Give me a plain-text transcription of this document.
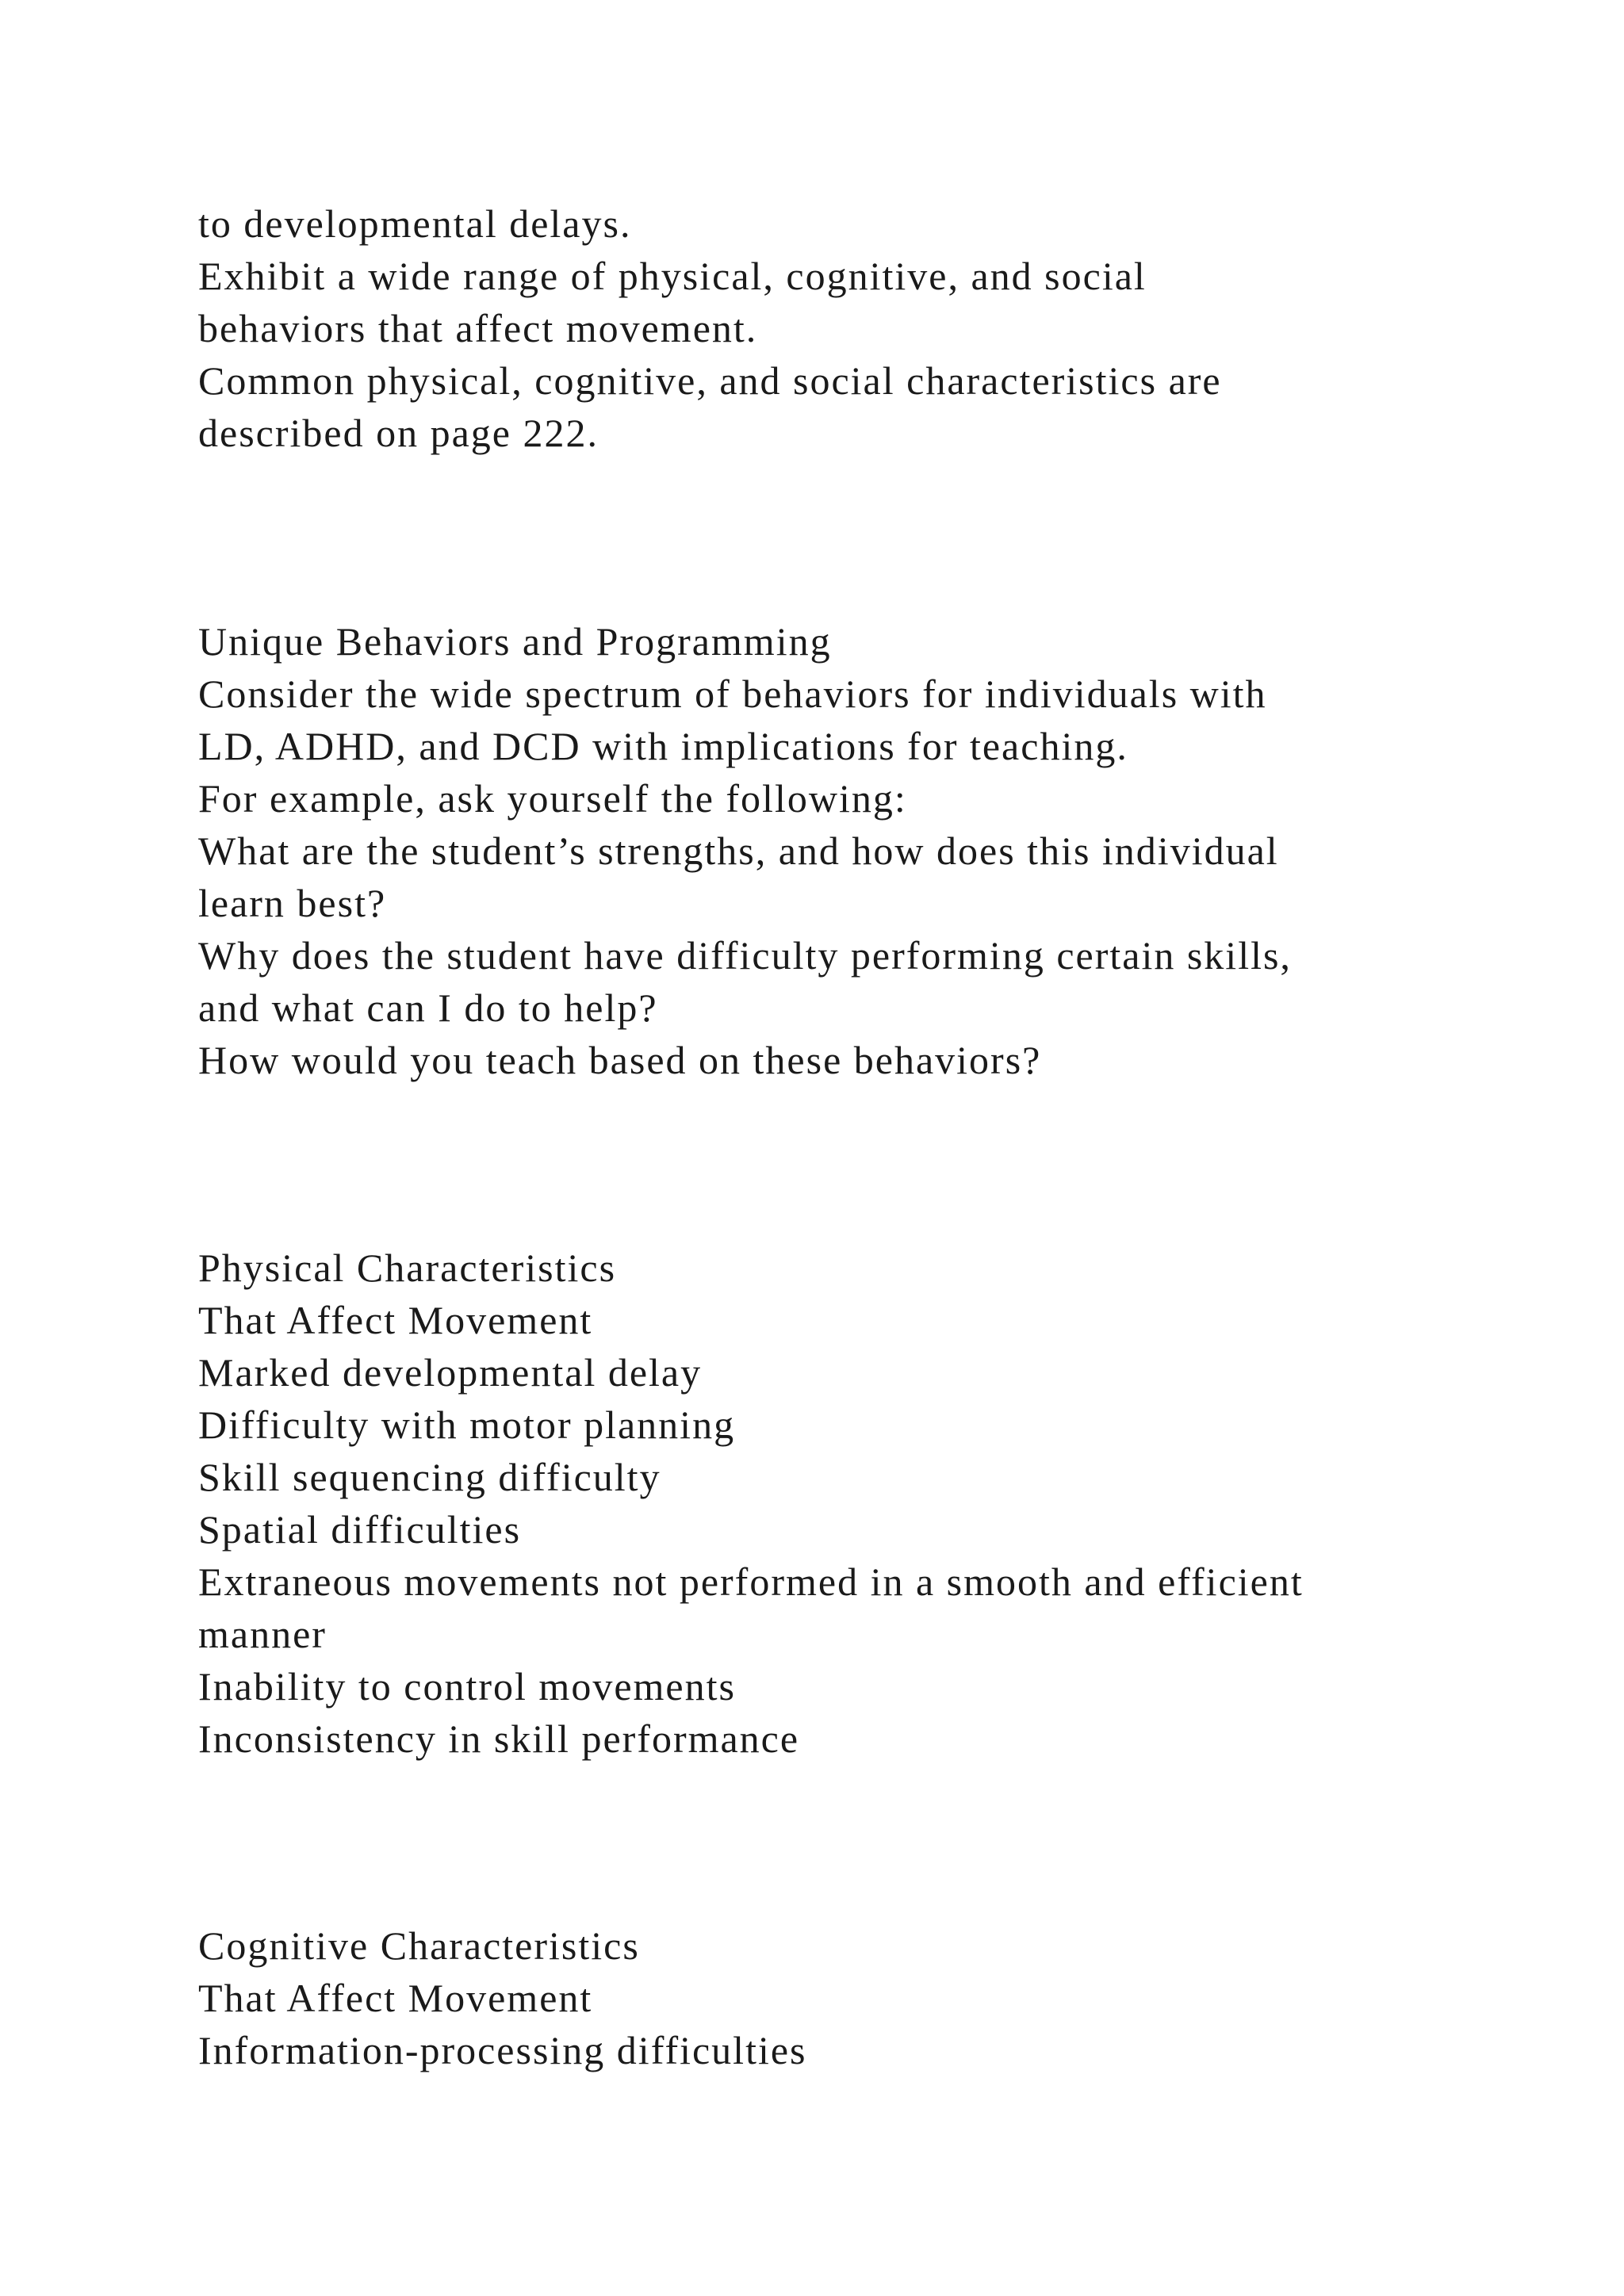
to developmental delays.
Exhibit a wide range of physical, cognitive, and social
behaviors that affect movement.
Common physical, cognitive, and social characteristics are
described on page 222.
Unique Behaviors and Programming
Consider the wide spectrum of behaviors for individuals with
LD, ADHD, and DCD with implications for teaching.
For example, ask yourself the following:
What are the student’s strengths, and how does this individual
learn best?
Why does the student have difficulty performing certain skills,
and what can I do to help?
How would you teach based on these behaviors?
Physical Characteristics
That Affect Movement
Marked developmental delay
Difficulty with motor planning
Skill sequencing difficulty
Spatial difficulties
Extraneous movements not performed in a smooth and efficient
manner
Inability to control movements
Inconsistency in skill performance
Cognitive Characteristics
That Affect Movement
Information-processing difficulties
